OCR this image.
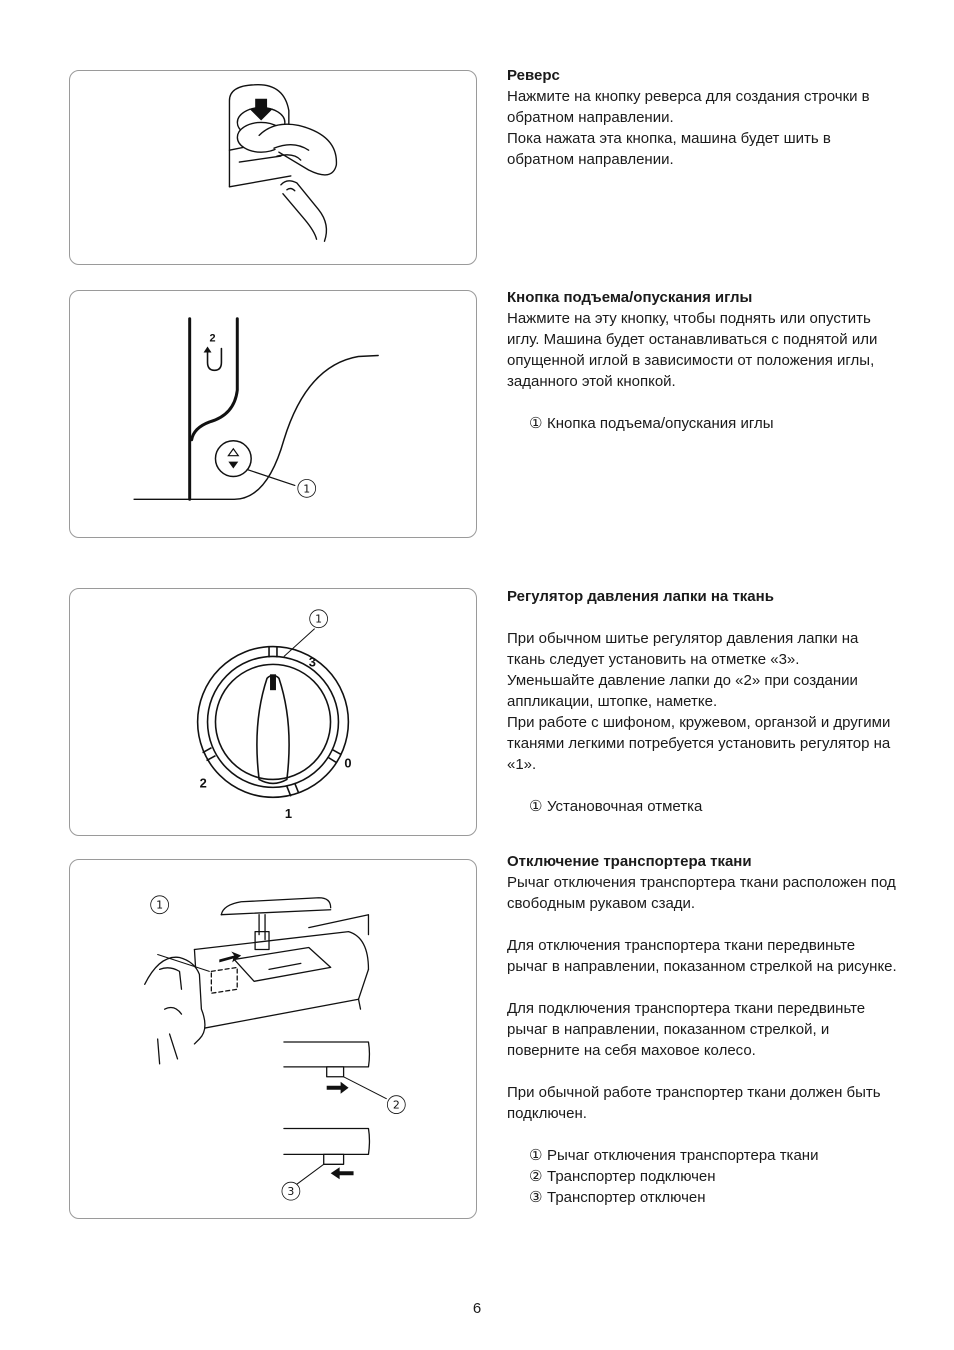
Реверс

Нажмите на кнопку реверса для создания строчки в обратном направлении.

Пока нажата эта кнопка, машина будет шить в обратном направлении.

2
1
Кнопка подъема/опускания иглы

Нажмите на эту кнопку, чтобы поднять или опустить иглу. Машина будет останавливаться с поднятой или опущенной иглой в зависимости от положения иглы, заданного этой кнопкой.

① Кнопка подъема/опускания иглы
3
0
2
1
1
Регулятор давления лапки на ткань

При обычном шитье регулятор давления лапки на ткань следует установить на отметке «3».

Уменьшайте давление лапки до «2» при создании аппликации, штопке, наметке.

При работе с шифоном, кружевом, органзой и другими тканями легкими потребуется установить регулятор на «1».

① Установочная отметка
1
2
3
Отключение транспортера ткани

Рычаг отключения транспортера ткани расположен под свободным рукавом сзади.

Для отключения транспортера ткани передвиньте рычаг в направлении, показанном стрелкой на рисунке.

Для подключения транспортера ткани передвиньте рычаг в направлении, показанном стрелкой, и поверните на себя маховое колесо.

При обычной работе транспортер ткани должен быть подключен.

① Рычаг отключения транспортера ткани
② Транспортер подключен
③ Транспортер отключен
6
